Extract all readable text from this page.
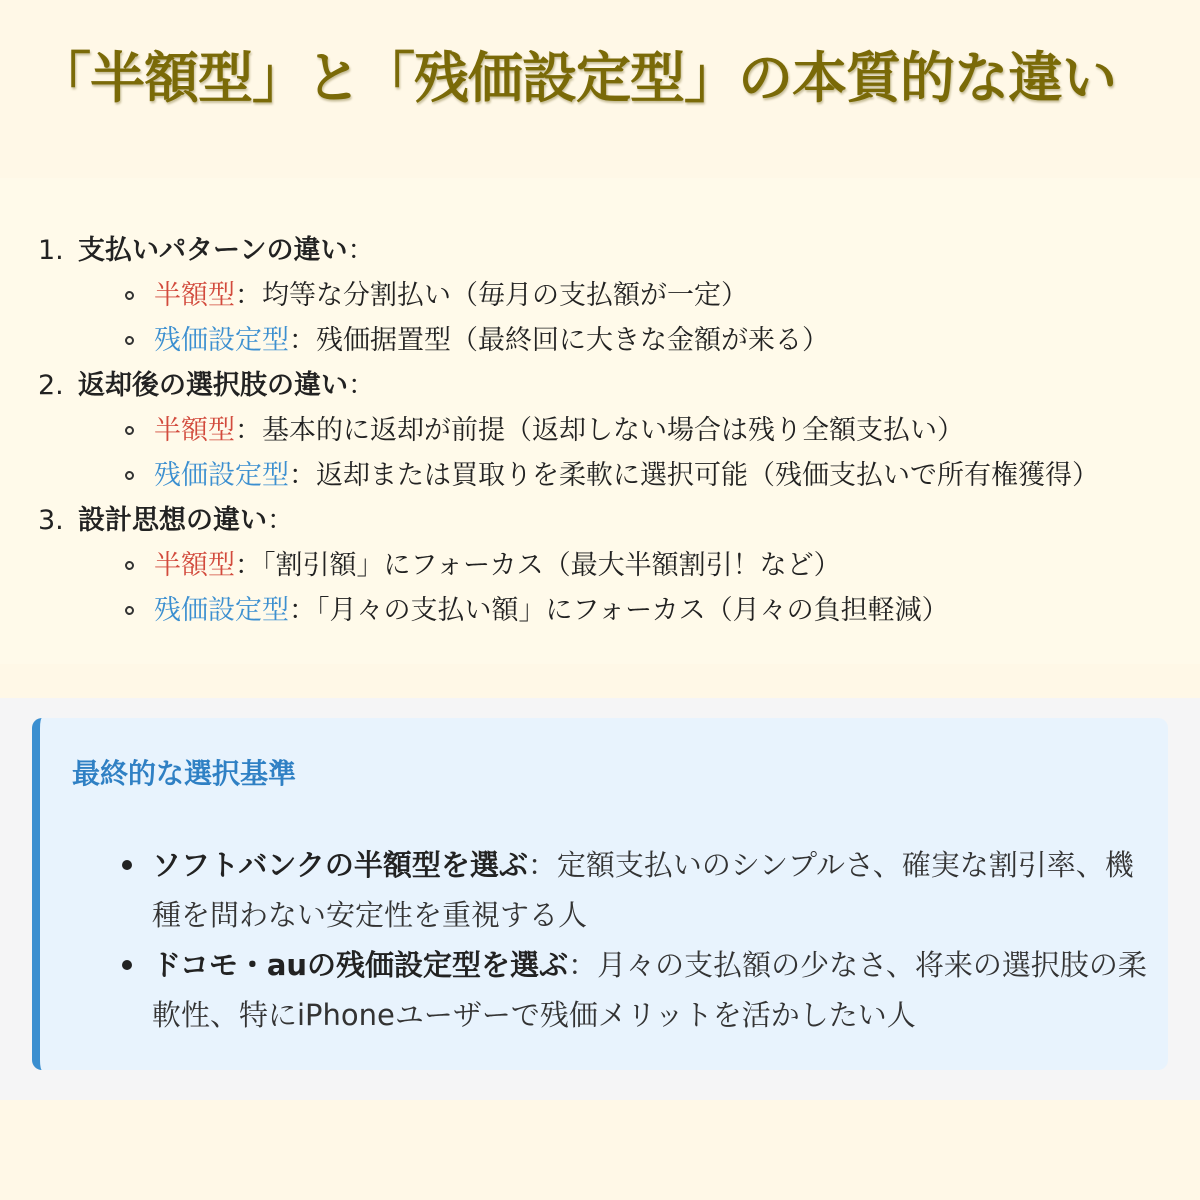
「半額型」と「残価設定型」の本質的な違い
1. 支払いパターンの違い：
半額型：均等な分割払い（毎月の支払額が一定）
残価設定型：残価据置型（最終回に大きな金額が来る）
2. 返却後の選択肢の違い：
半額型：基本的に返却が前提（返却しない場合は残り全額支払い）
残価設定型：返却または買取りを柔軟に選択可能（残価支払いで所有権獲得）
3. 設計思想の違い：
半額型：「割引額」にフォーカス（最大半額割引！など）
残価設定型：「月々の支払い額」にフォーカス（月々の負担軽減）
最終的な選択基準
ソフトバンクの半額型を選ぶ：定額支払いのシンプルさ、確実な割引率、機種を問わない安定性を重視する人
ドコモ・auの残価設定型を選ぶ：月々の支払額の少なさ、将来の選択肢の柔軟性、特にiPhoneユーザーで残価メリットを活かしたい人
